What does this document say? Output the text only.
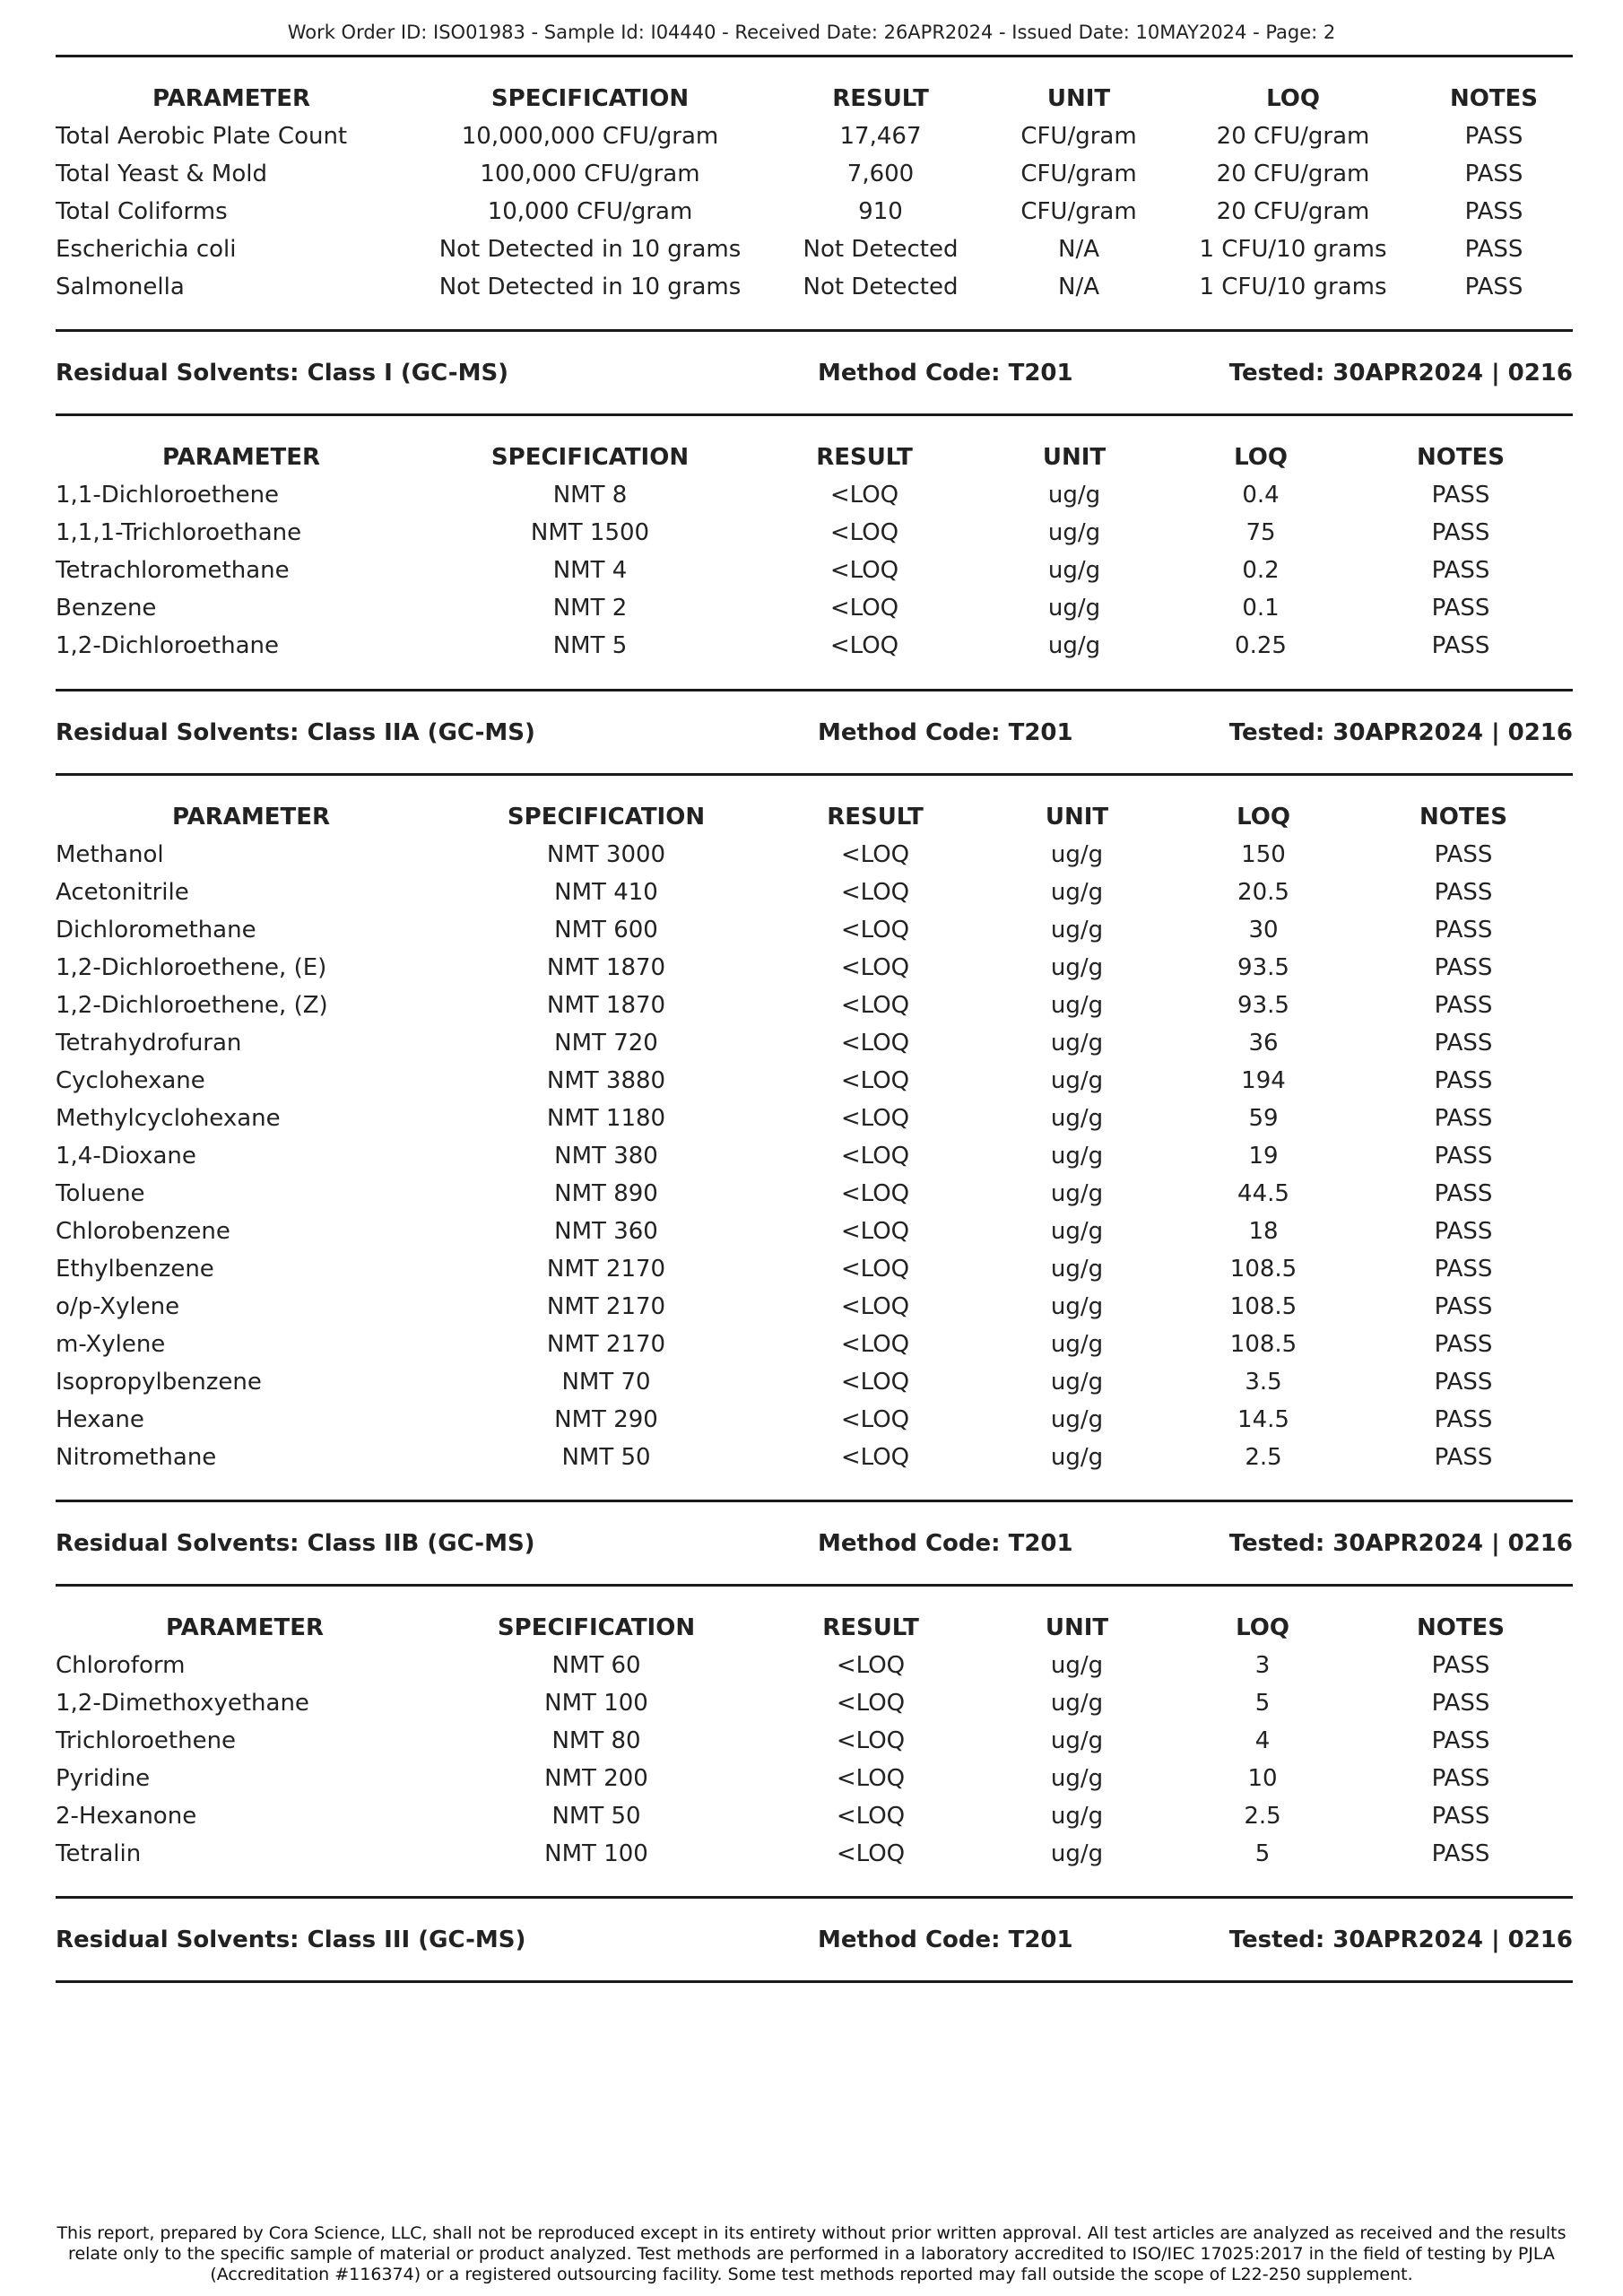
Work Order ID: ISO01983 - Sample Id: I04440 - Received Date: 26APR2024 - Issued Date: 10MAY2024 - Page: 2
PARAMETER	SPECIFICATION	RESULT	UNIT	LOQ	NOTES
Total Aerobic Plate Count	10,000,000 CFU/gram	17,467	CFU/gram	20 CFU/gram	PASS
Total Yeast & Mold	100,000 CFU/gram	7,600	CFU/gram	20 CFU/gram	PASS
Total Coliforms	10,000 CFU/gram	910	CFU/gram	20 CFU/gram	PASS
Escherichia coli	Not Detected in 10 grams	Not Detected	N/A	1 CFU/10 grams	PASS
Salmonella	Not Detected in 10 grams	Not Detected	N/A	1 CFU/10 grams	PASS
Residual Solvents: Class I (GC-MS)	Method Code: T201	Tested: 30APR2024 | 0216
PARAMETER	SPECIFICATION	RESULT	UNIT	LOQ	NOTES
1,1-Dichloroethene	NMT 8	<LOQ	ug/g	0.4	PASS
1,1,1-Trichloroethane	NMT 1500	<LOQ	ug/g	75	PASS
Tetrachloromethane	NMT 4	<LOQ	ug/g	0.2	PASS
Benzene	NMT 2	<LOQ	ug/g	0.1	PASS
1,2-Dichloroethane	NMT 5	<LOQ	ug/g	0.25	PASS
Residual Solvents: Class IIA (GC-MS)	Method Code: T201	Tested: 30APR2024 | 0216
PARAMETER	SPECIFICATION	RESULT	UNIT	LOQ	NOTES
Methanol	NMT 3000	<LOQ	ug/g	150	PASS
Acetonitrile	NMT 410	<LOQ	ug/g	20.5	PASS
Dichloromethane	NMT 600	<LOQ	ug/g	30	PASS
1,2-Dichloroethene, (E)	NMT 1870	<LOQ	ug/g	93.5	PASS
1,2-Dichloroethene, (Z)	NMT 1870	<LOQ	ug/g	93.5	PASS
Tetrahydrofuran	NMT 720	<LOQ	ug/g	36	PASS
Cyclohexane	NMT 3880	<LOQ	ug/g	194	PASS
Methylcyclohexane	NMT 1180	<LOQ	ug/g	59	PASS
1,4-Dioxane	NMT 380	<LOQ	ug/g	19	PASS
Toluene	NMT 890	<LOQ	ug/g	44.5	PASS
Chlorobenzene	NMT 360	<LOQ	ug/g	18	PASS
Ethylbenzene	NMT 2170	<LOQ	ug/g	108.5	PASS
o/p-Xylene	NMT 2170	<LOQ	ug/g	108.5	PASS
m-Xylene	NMT 2170	<LOQ	ug/g	108.5	PASS
Isopropylbenzene	NMT 70	<LOQ	ug/g	3.5	PASS
Hexane	NMT 290	<LOQ	ug/g	14.5	PASS
Nitromethane	NMT 50	<LOQ	ug/g	2.5	PASS
Residual Solvents: Class IIB (GC-MS)	Method Code: T201	Tested: 30APR2024 | 0216
PARAMETER	SPECIFICATION	RESULT	UNIT	LOQ	NOTES
Chloroform	NMT 60	<LOQ	ug/g	3	PASS
1,2-Dimethoxyethane	NMT 100	<LOQ	ug/g	5	PASS
Trichloroethene	NMT 80	<LOQ	ug/g	4	PASS
Pyridine	NMT 200	<LOQ	ug/g	10	PASS
2-Hexanone	NMT 50	<LOQ	ug/g	2.5	PASS
Tetralin	NMT 100	<LOQ	ug/g	5	PASS
Residual Solvents: Class III (GC-MS)	Method Code: T201	Tested: 30APR2024 | 0216
This report, prepared by Cora Science, LLC, shall not be reproduced except in its entirety without prior written approval. All test articles are analyzed as received and the results relate only to the specific sample of material or product analyzed. Test methods are performed in a laboratory accredited to ISO/IEC 17025:2017 in the field of testing by PJLA (Accreditation #116374) or a registered outsourcing facility. Some test methods reported may fall outside the scope of L22-250 supplement.
